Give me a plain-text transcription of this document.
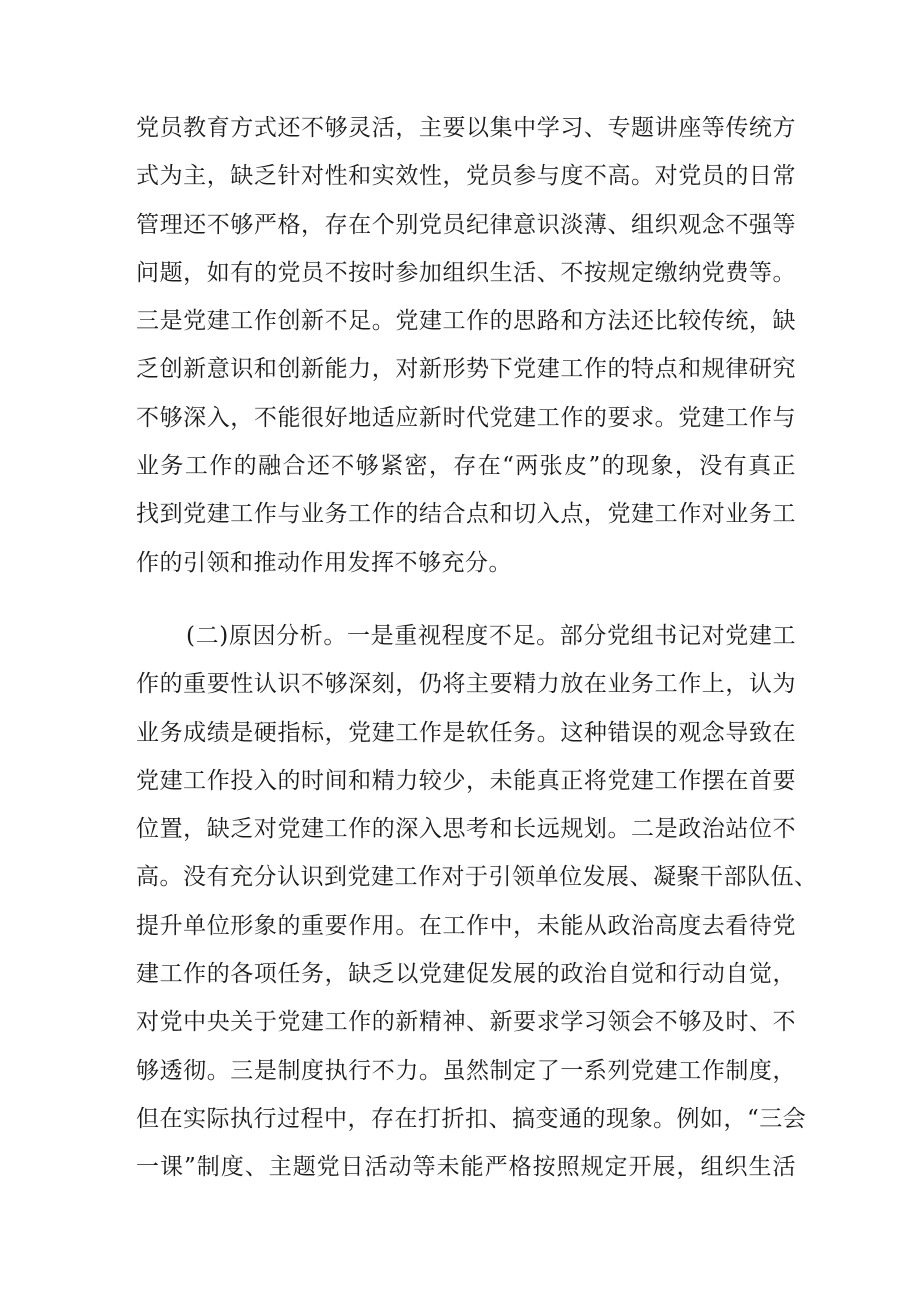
党员教育方式还不够灵活，主要以集中学习、专题讲座等传统方
式为主，缺乏针对性和实效性，党员参与度不高。对党员的日常
管理还不够严格，存在个别党员纪律意识淡薄、组织观念不强等
问题，如有的党员不按时参加组织生活、不按规定缴纳党费等。
三是党建工作创新不足。党建工作的思路和方法还比较传统，缺
乏创新意识和创新能力，对新形势下党建工作的特点和规律研究
不够深入，不能很好地适应新时代党建工作的要求。党建工作与
业务工作的融合还不够紧密，存在“两张皮”的现象，没有真正
找到党建工作与业务工作的结合点和切入点，党建工作对业务工
作的引领和推动作用发挥不够充分。
(二)原因分析。一是重视程度不足。部分党组书记对党建工
作的重要性认识不够深刻，仍将主要精力放在业务工作上，认为
业务成绩是硬指标，党建工作是软任务。这种错误的观念导致在
党建工作投入的时间和精力较少，未能真正将党建工作摆在首要
位置，缺乏对党建工作的深入思考和长远规划。二是政治站位不
高。没有充分认识到党建工作对于引领单位发展、凝聚干部队伍、
提升单位形象的重要作用。在工作中，未能从政治高度去看待党
建工作的各项任务，缺乏以党建促发展的政治自觉和行动自觉，
对党中央关于党建工作的新精神、新要求学习领会不够及时、不
够透彻。三是制度执行不力。虽然制定了一系列党建工作制度，
但在实际执行过程中，存在打折扣、搞变通的现象。例如，“三会
一课”制度、主题党日活动等未能严格按照规定开展，组织生活
